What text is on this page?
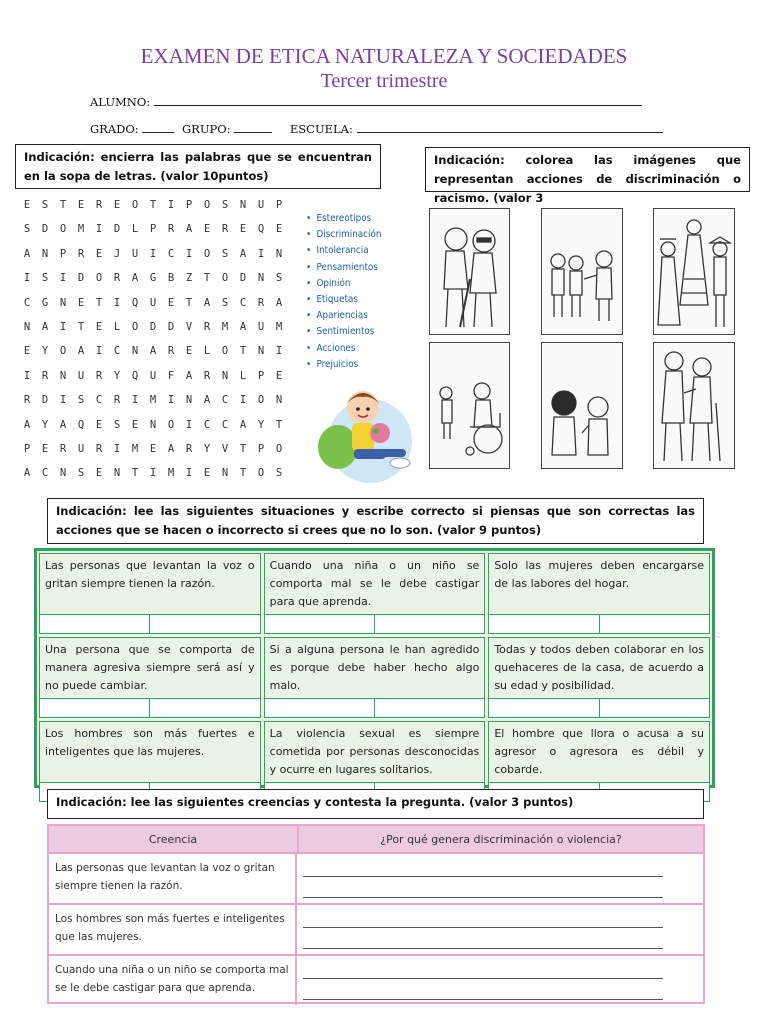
EXAMEN DE ETICA NATURALEZA Y SOCIEDADES
Tercer trimestre
ALUMNO:
GRADO:	GRUPO:	ESCUELA:
Indicación: encierra las palabras que se encuentran en la sopa de letras. (valor 10puntos)
Indicación: colorea las imágenes que representan acciones de discriminación o racismo. (valor 3
E	S	T	E	R	E	O	T	I	P	O	S	N	U	P
S	D	O	M	I	D	L	P	R	A	E	R	E	Q	E
A	N	P	R	E	J	U	I	C	I	O	S	A	I	N
I	S	I	D	O	R	A	G	B	Z	T	O	D	N	S
C	G	N	E	T	I	Q	U	E	T	A	S	C	R	A
N	A	I	T	E	L	O	D	D	V	R	M	A	U	M
E	Y	O	A	I	C	N	A	R	E	L	O	T	N	I
I	R	N	U	R	Y	Q	U	F	A	R	N	L	P	E
R	D	I	S	C	R	I	M	I	N	A	C	I	O	N
A	Y	A	Q	E	S	E	N	O	I	C	C	A	Y	T
P	E	R	U	R	I	M	E	A	R	Y	V	T	P	O
A	C	N	S	E	N	T	I	M	I	E	N	T	O	S
• Estereotipos
• Discriminación
• Intolerancia
• Pensamientos
• Opinión
• Etiquetas
• Apariencias
• Sentimientos
• Acciones
• Prejuicios
Indicación: lee las siguientes situaciones y escribe correcto si piensas que son correctas las acciones que se hacen o incorrecto si crees que no lo son. (valor 9 puntos)
Las personas que levantan la voz o gritan siempre tienen la razón.
Cuando una niña o un niño se comporta mal se le debe castigar para que aprenda.
Solo las mujeres deben encargarse de las labores del hogar.
Una persona que se comporta de manera agresiva siempre será así y no puede cambiar.
Si a alguna persona le han agredido es porque debe haber hecho algo malo.
Todas y todos deben colaborar en los quehaceres de la casa, de acuerdo a su edad y posibilidad.
Los hombres son más fuertes e inteligentes que las mujeres.
La violencia sexual es siempre cometida por personas desconocidas y ocurre en lugares solitarios.
El hombre que llora o acusa a su agresor o agresora es débil y cobarde.
Indicación: lee las siguientes creencias y contesta la pregunta. (valor 3 puntos)
Creencia	¿Por qué genera discriminación o violencia?
Las personas que levantan la voz o gritan siempre tienen la razón.
Los hombres son más fuertes e inteligentes que las mujeres.
Cuando una niña o un niño se comporta mal se le debe castigar para que aprenda.
